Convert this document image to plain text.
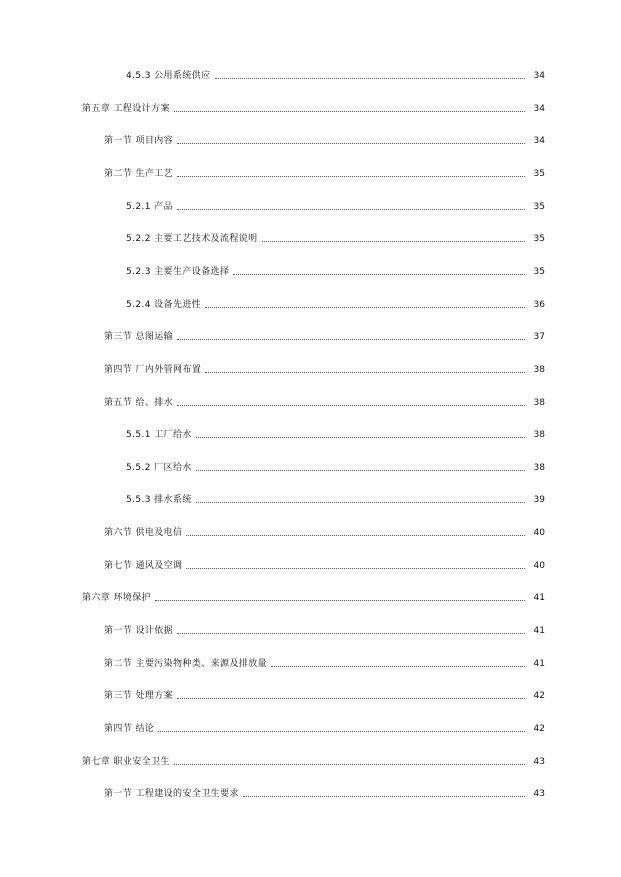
4.5.3 公用系统供应	34
第五章 工程设计方案	34
第一节 项目内容	34
第二节 生产工艺	35
5.2.1 产品	35
5.2.2 主要工艺技术及流程说明	35
5.2.3 主要生产设备选择	35
5.2.4 设备先进性	36
第三节 总图运输	37
第四节 厂内外管网布置	38
第五节 给、排水	38
5.5.1 工厂给水	38
5.5.2 厂区给水	38
5.5.3 排水系统	39
第六节 供电及电信	40
第七节 通风及空调	40
第六章 环境保护	41
第一节 设计依据	41
第二节 主要污染物种类、来源及排放量	41
第三节 处理方案	42
第四节 结论	42
第七章 职业安全卫生	43
第一节 工程建设的安全卫生要求	43
